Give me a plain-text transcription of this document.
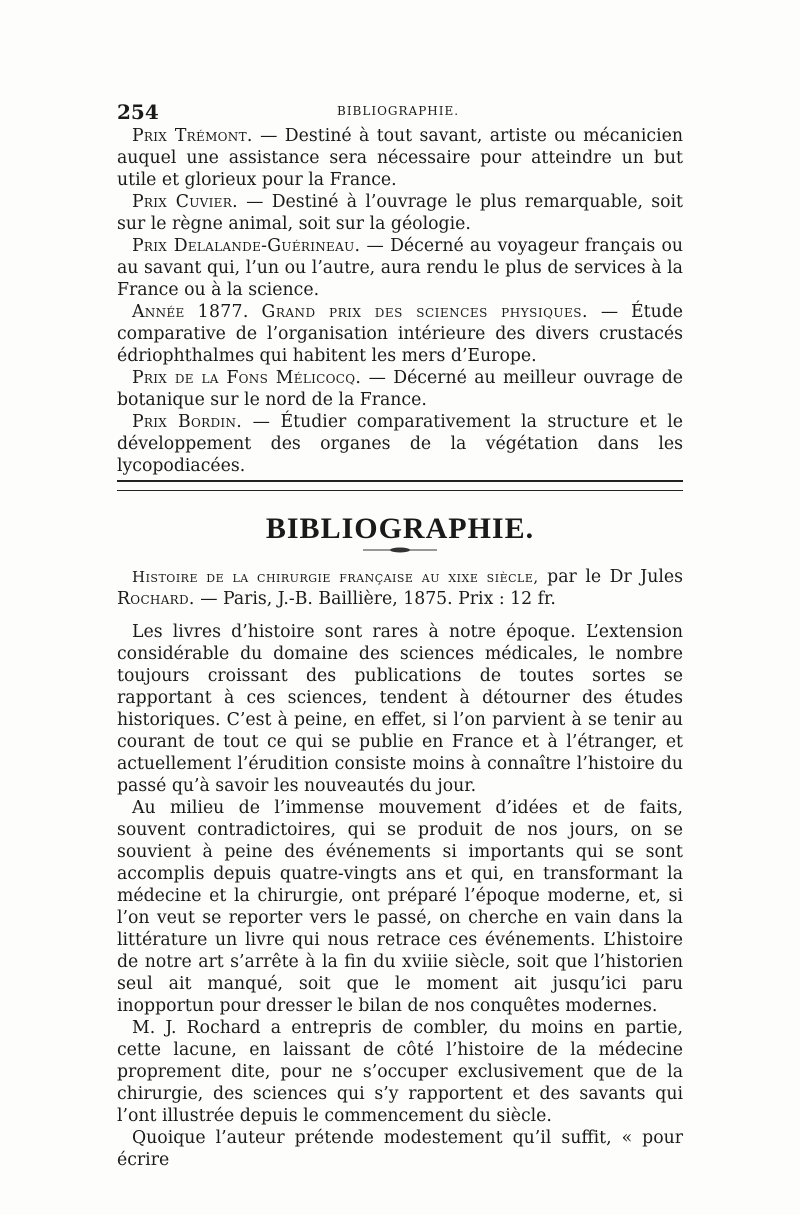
254	BIBLIOGRAPHIE.

Prix Trémont. — Destiné à tout savant, artiste ou mécanicien auquel une assistance sera nécessaire pour atteindre un but utile et glorieux pour la France.

Prix Cuvier. — Destiné à l’ouvrage le plus remarquable, soit sur le règne animal, soit sur la géologie.

Prix Delalande-Guérineau. — Décerné au voyageur français ou au savant qui, l’un ou l’autre, aura rendu le plus de services à la France ou à la science.

Année 1877. Grand prix des sciences physiques. — Étude comparative de l’organisation intérieure des divers crustacés édriophthalmes qui habitent les mers d’Europe.

Prix de la Fons Mélicocq. — Décerné au meilleur ouvrage de botanique sur le nord de la France.

Prix Bordin. — Étudier comparativement la structure et le développement des organes de la végétation dans les lycopodiacées.

BIBLIOGRAPHIE.

Histoire de la chirurgie française au xixe siècle, par le Dr Jules Rochard. — Paris, J.-B. Baillière, 1875. Prix : 12 fr.

Les livres d’histoire sont rares à notre époque. L’extension considérable du domaine des sciences médicales, le nombre toujours croissant des publications de toutes sortes se rapportant à ces sciences, tendent à détourner des études historiques. C’est à peine, en effet, si l’on parvient à se tenir au courant de tout ce qui se publie en France et à l’étranger, et actuellement l’érudition consiste moins à connaître l’histoire du passé qu’à savoir les nouveautés du jour.

Au milieu de l’immense mouvement d’idées et de faits, souvent contradictoires, qui se produit de nos jours, on se souvient à peine des événements si importants qui se sont accomplis depuis quatre-vingts ans et qui, en transformant la médecine et la chirurgie, ont préparé l’époque moderne, et, si l’on veut se reporter vers le passé, on cherche en vain dans la littérature un livre qui nous retrace ces événements. L’histoire de notre art s’arrête à la fin du xviiie siècle, soit que l’historien seul ait manqué, soit que le moment ait jusqu’ici paru inopportun pour dresser le bilan de nos conquêtes modernes.

M. J. Rochard a entrepris de combler, du moins en partie, cette lacune, en laissant de côté l’histoire de la médecine proprement dite, pour ne s’occuper exclusivement que de la chirurgie, des sciences qui s’y rapportent et des savants qui l’ont illustrée depuis le commencement du siècle.

Quoique l’auteur prétende modestement qu’il suffit, « pour écrire
